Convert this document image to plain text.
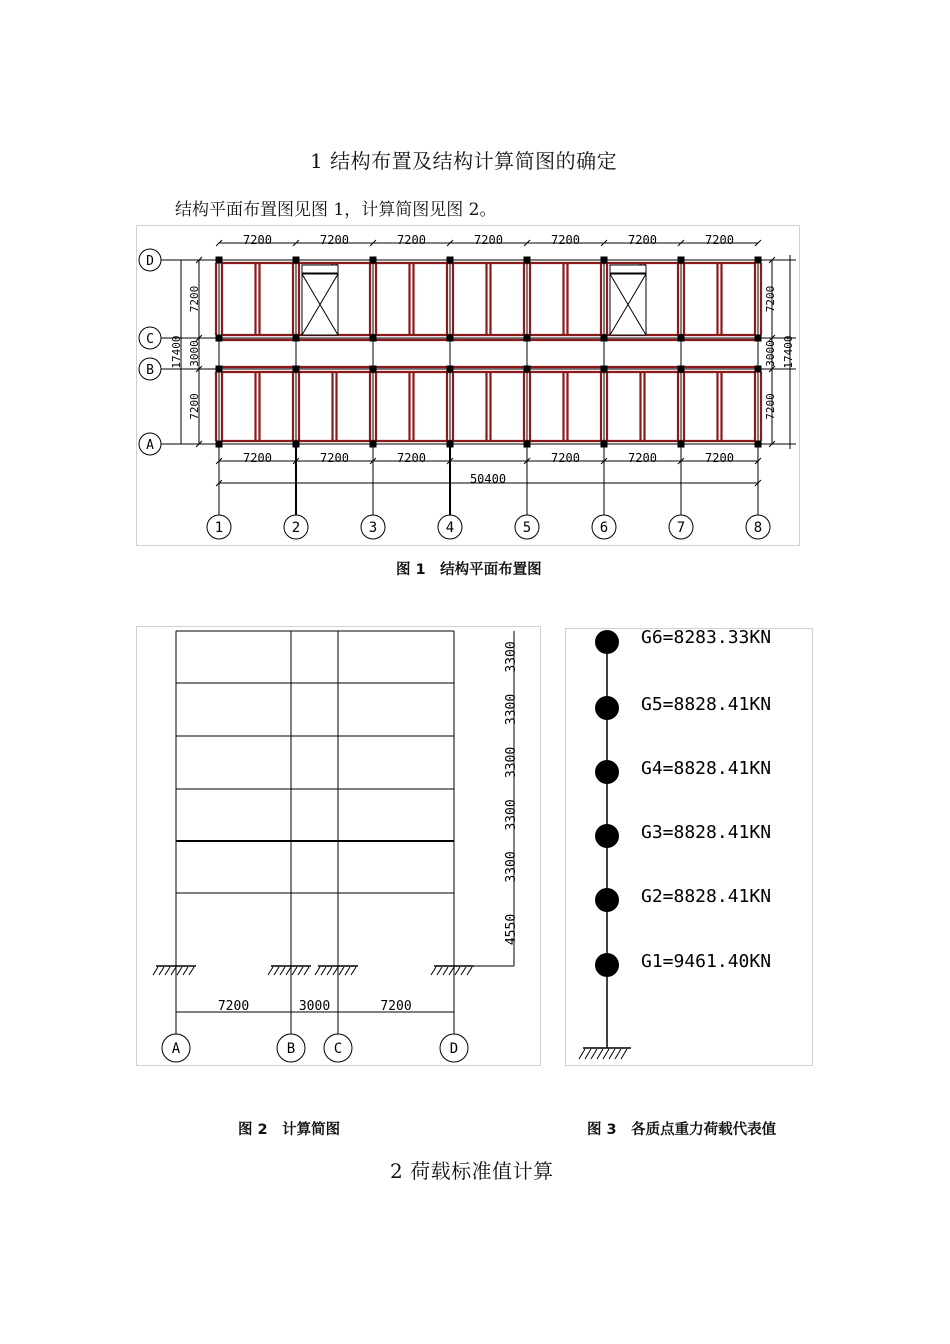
1 结构布置及结构计算简图的确定
结构平面布置图见图 1，计算简图见图 2。
7200	7200	7200	7200	7200	7200	7200
7200	7200	7200	7200	7200	7200
50400
1	2	3	4	5	6	7	8
D
C
B
A
7200
3000
7200
17400
7200
3000
7200
17400
图 1　结构平面布置图
3300
3300
3300
3300
3300
4550
7200	3000	7200
A	B	C	D
G6=8283.33KN
G5=8828.41KN
G4=8828.41KN
G3=8828.41KN
G2=8828.41KN
G1=9461.40KN
图 2　计算简图	图 3　各质点重力荷载代表值
2 荷载标准值计算
